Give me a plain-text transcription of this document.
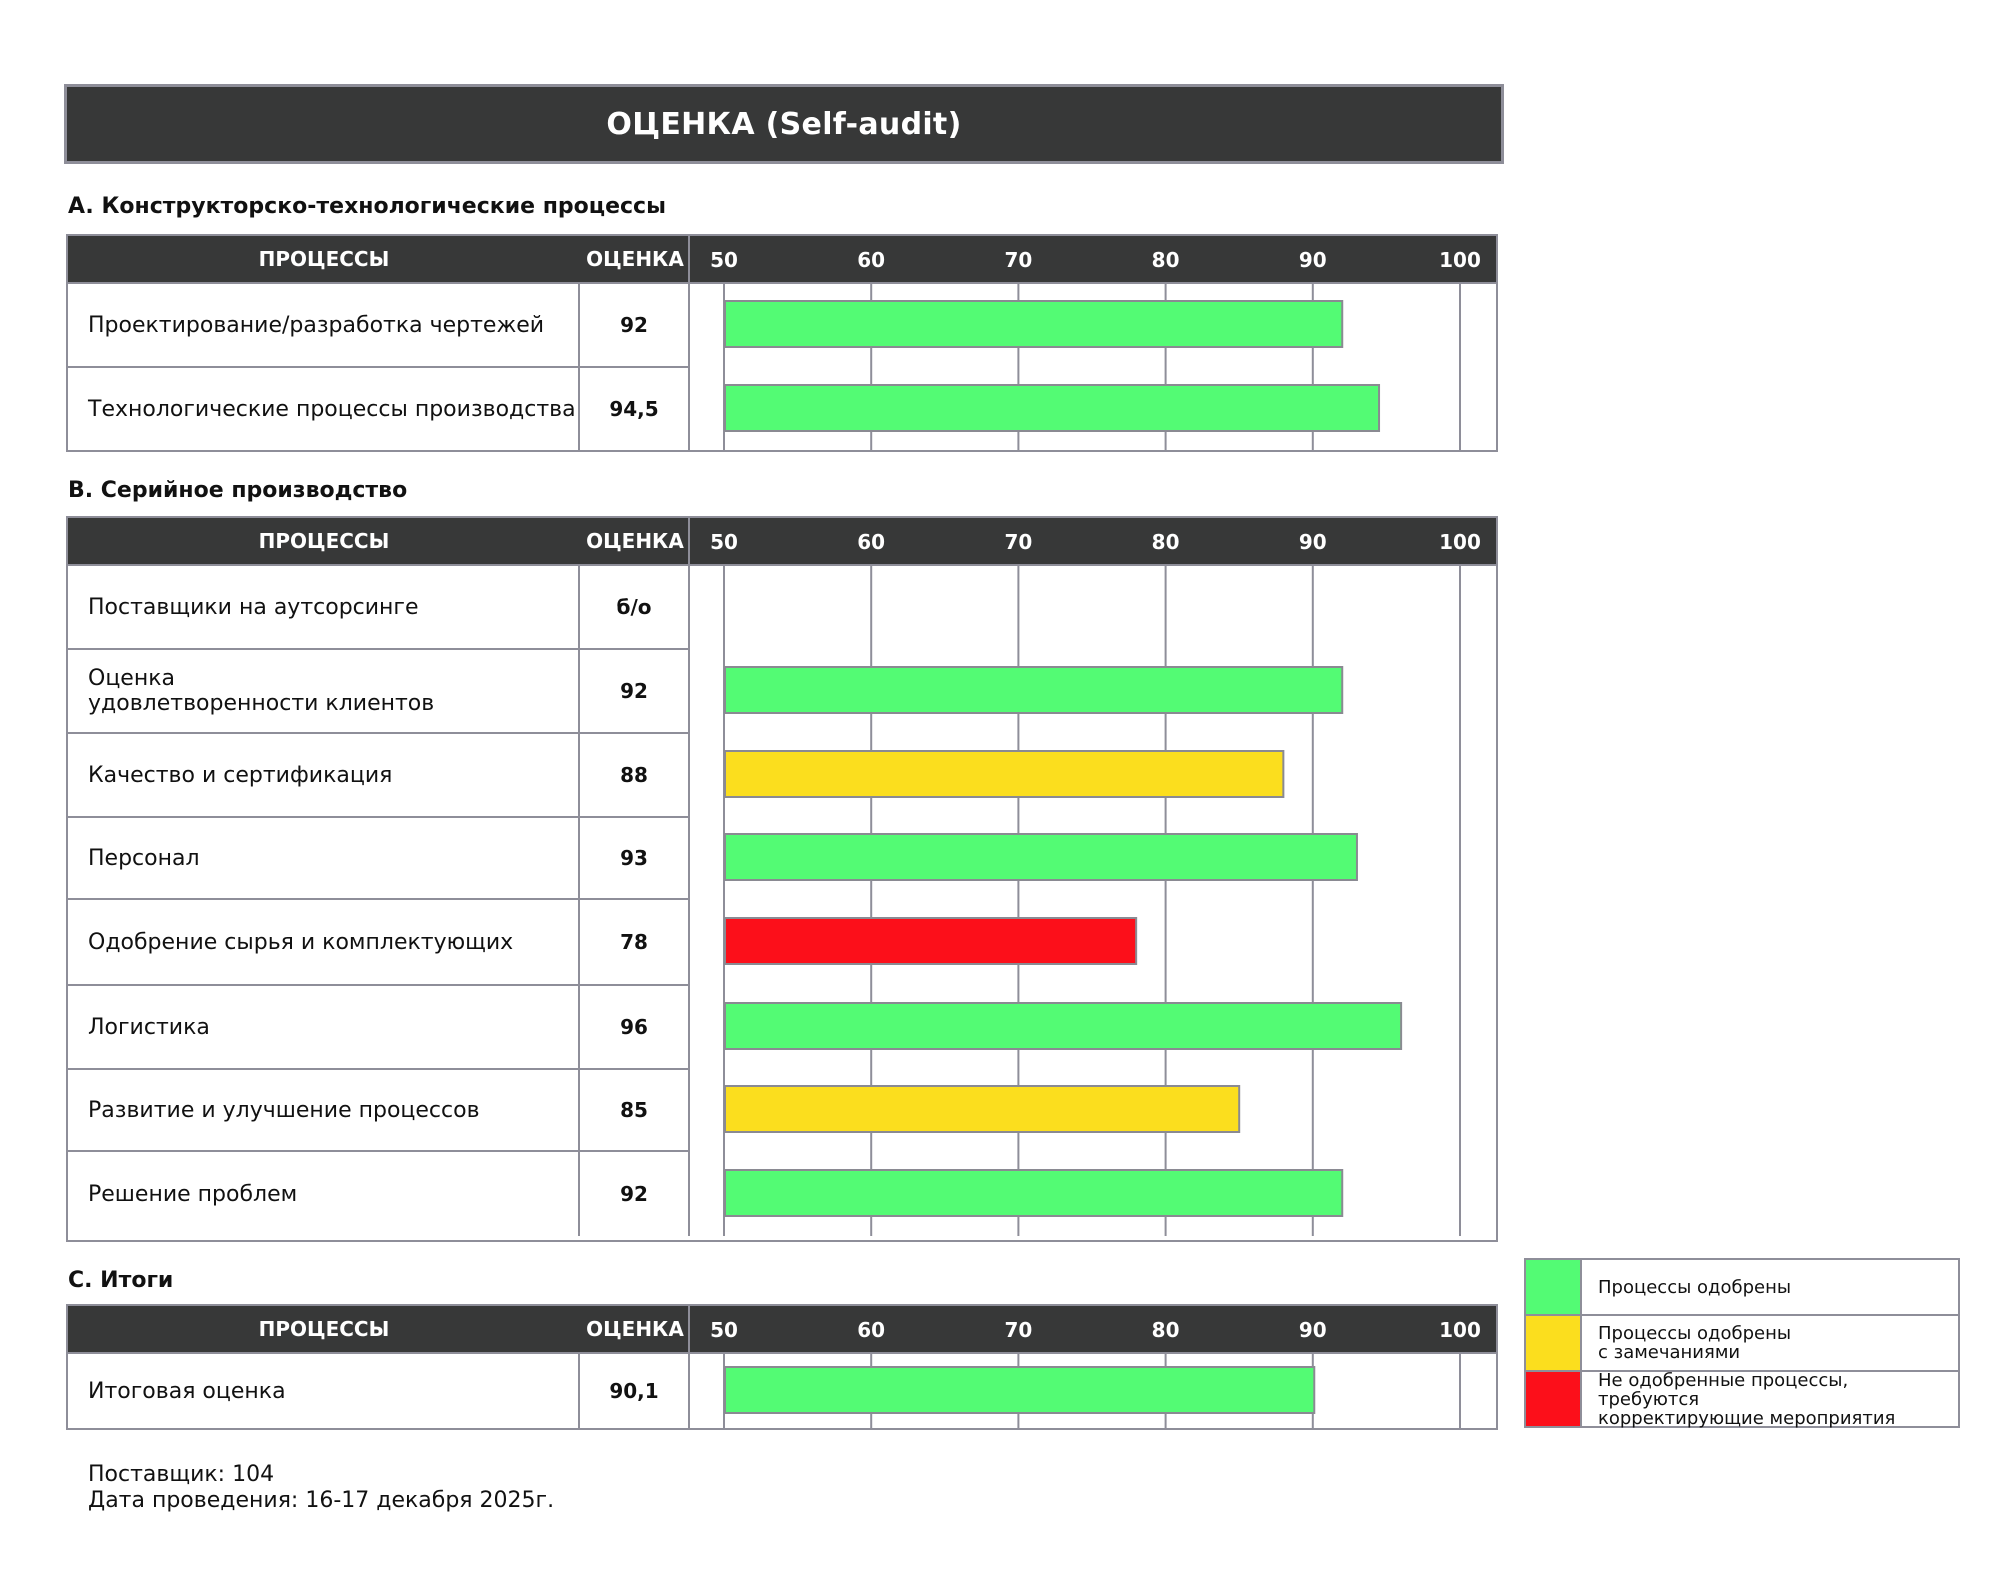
ОЦЕНКА (Self-audit)
A. Конструкторско-технологические процессы
ПРОЦЕССЫ	ОЦЕНКА	50	60	70	80	90	100
Проектирование/разработка чертежей	92
Технологические процессы производства	94,5
B. Серийное производство
ПРОЦЕССЫ	ОЦЕНКА	50	60	70	80	90	100
Поставщики на аутсорсинге	б/о
Оценка
удовлетворенности клиентов	92
Качество и сертификация	88
Персонал	93
Одобрение сырья и комплектующих	78
Логистика	96
Развитие и улучшение процессов	85
Решение проблем	92
C. Итоги
ПРОЦЕССЫ	ОЦЕНКА	50	60	70	80	90	100
Итоговая оценка	90,1
Процессы одобрены
Процессы одобрены
с замечаниями
Не одобренные процессы, требуются
корректирующие мероприятия
Поставщик: 104
Дата проведения: 16-17 декабря 2025г.
